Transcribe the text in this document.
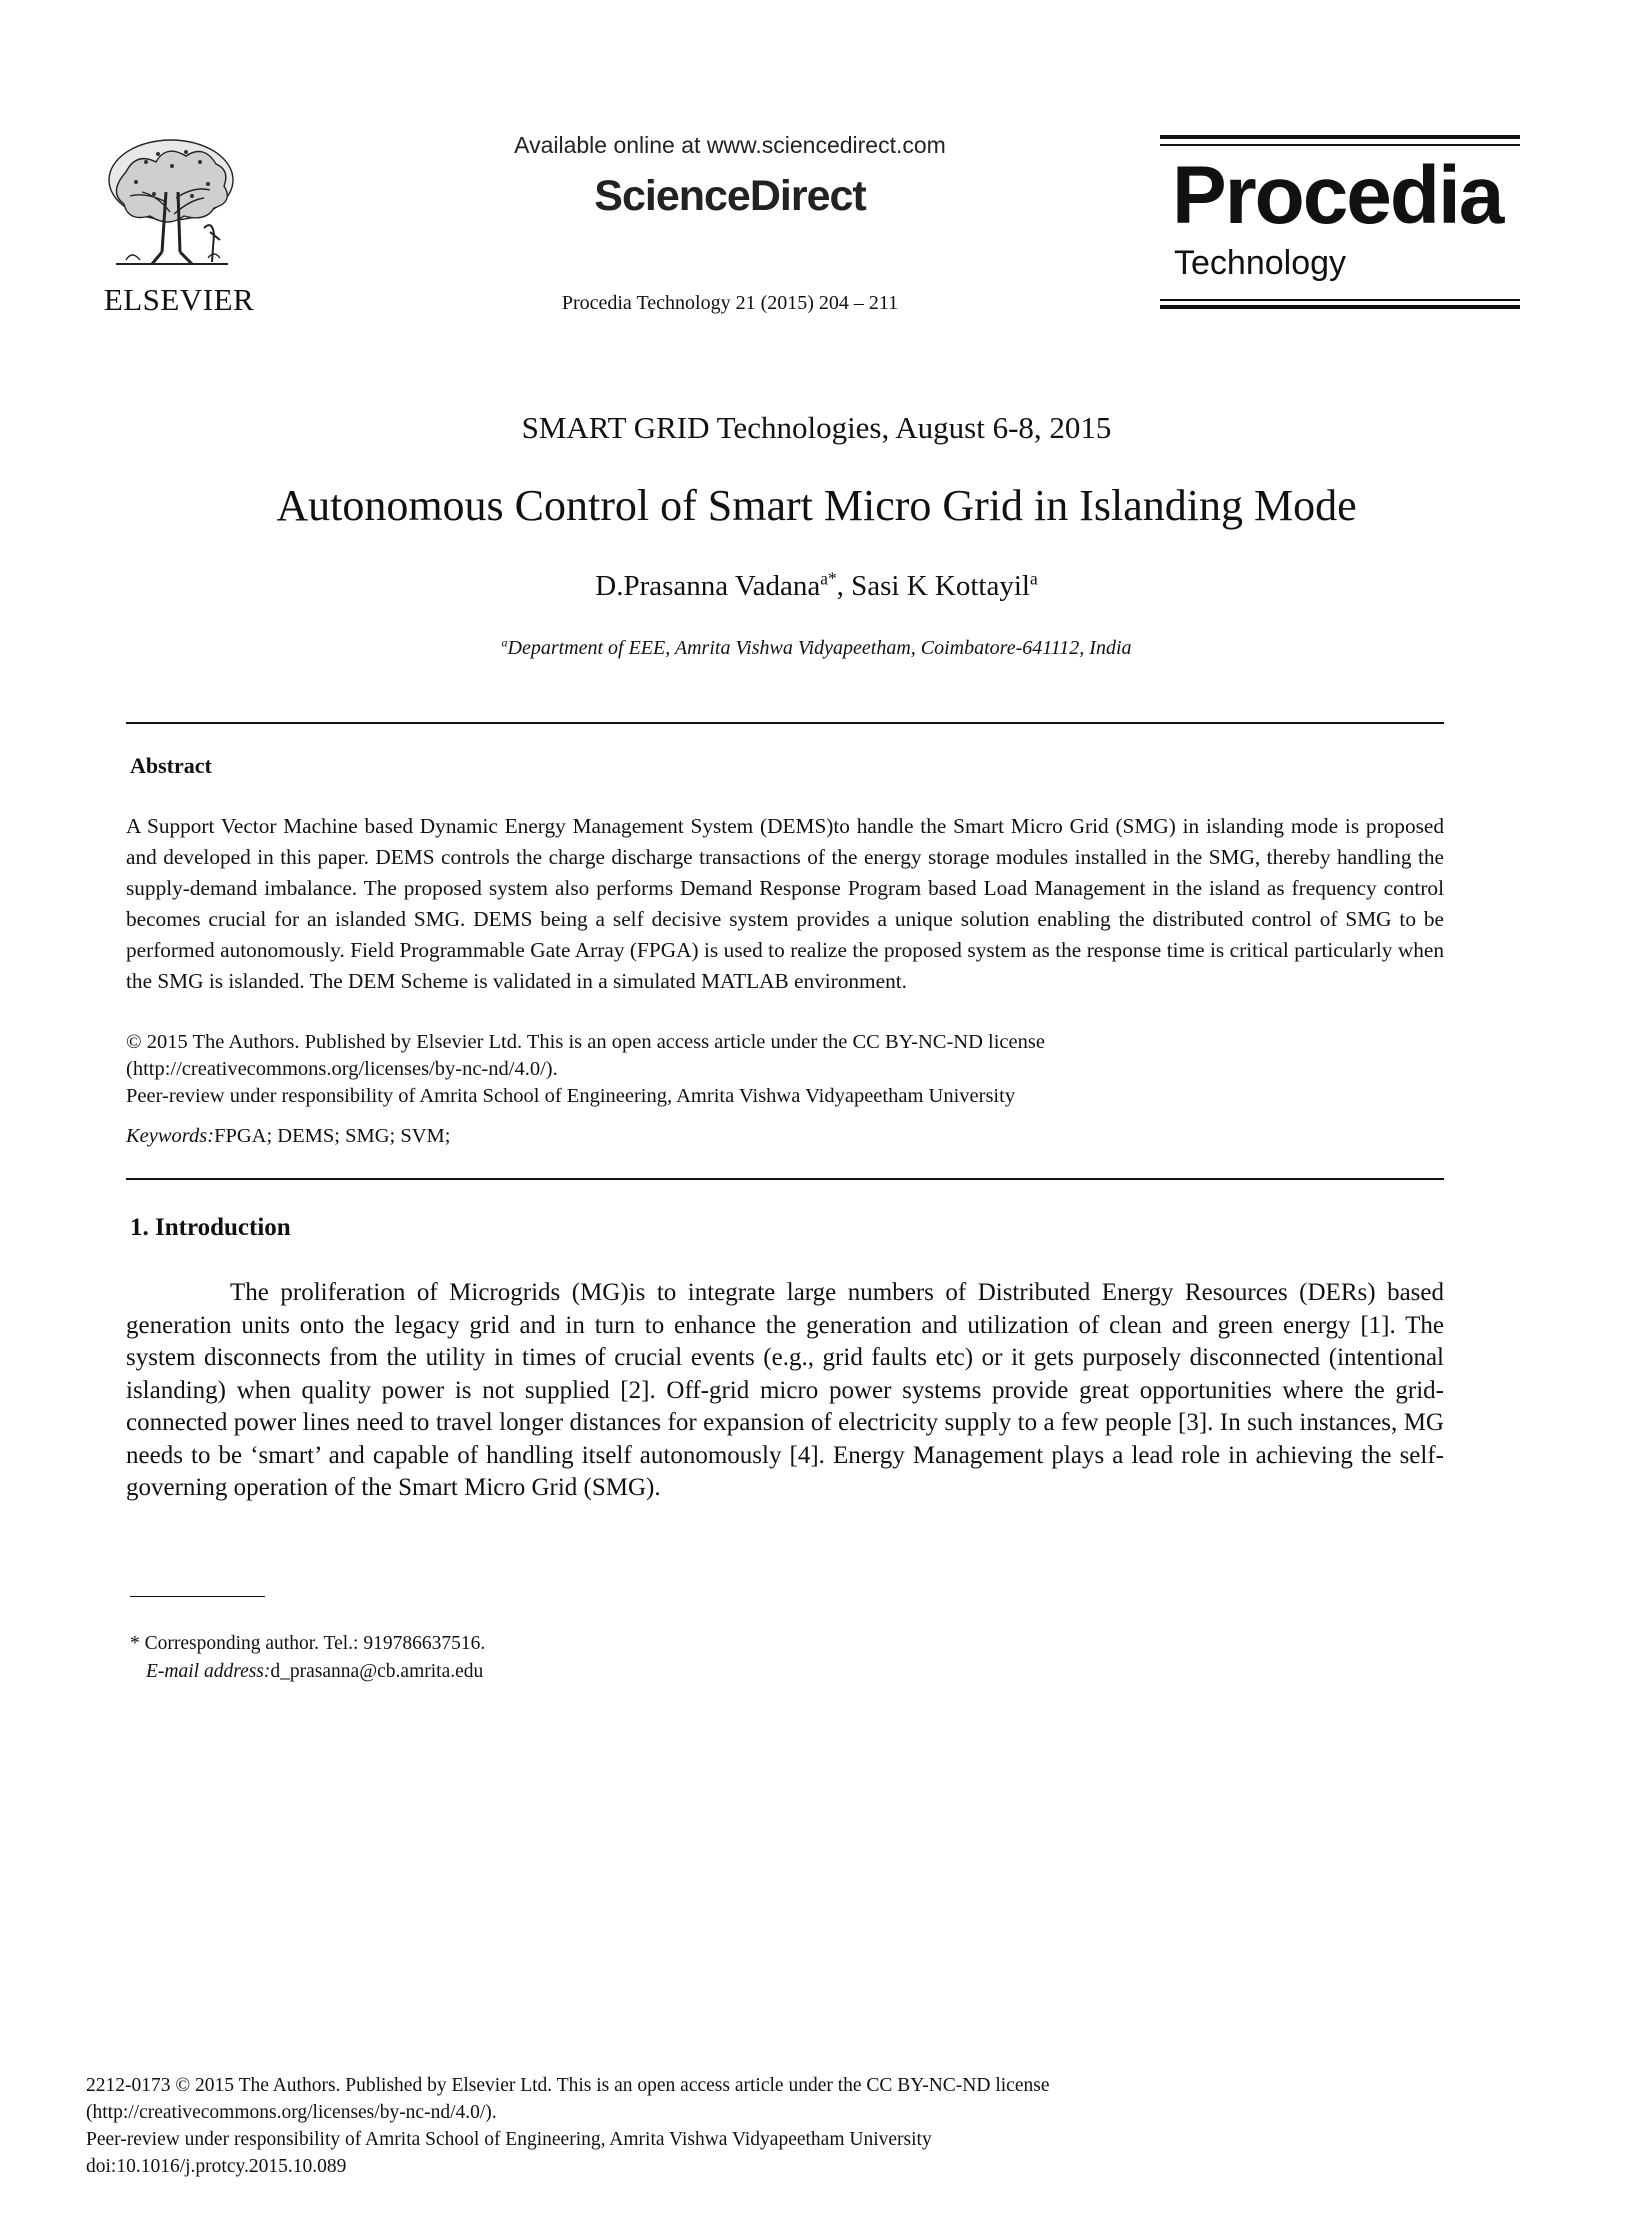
ELSEVIER
Available online at www.sciencedirect.com
ScienceDirect
Procedia Technology 21 (2015) 204 – 211
Procedia
Technology
SMART GRID Technologies, August 6-8, 2015
Autonomous Control of Smart Micro Grid in Islanding Mode
D.Prasanna Vadana$^{a*}$, Sasi K Kottayil$^a$
$^a$Department of EEE, Amrita Vishwa Vidyapeetham, Coimbatore-641112, India
Abstract
A Support Vector Machine based Dynamic Energy Management System (DEMS)to handle the Smart Micro Grid (SMG) in islanding mode is proposed and developed in this paper. DEMS controls the charge discharge transactions of the energy storage modules installed in the SMG, thereby handling the supply-demand imbalance. The proposed system also performs Demand Response Program based Load Management in the island as frequency control becomes crucial for an islanded SMG. DEMS being a self decisive system provides a unique solution enabling the distributed control of SMG to be performed autonomously. Field Programmable Gate Array (FPGA) is used to realize the proposed system as the response time is critical particularly when the SMG is islanded. The DEM Scheme is validated in a simulated MATLAB environment.
© 2015 The Authors. Published by Elsevier Ltd. This is an open access article under the CC BY-NC-ND license
(http://creativecommons.org/licenses/by-nc-nd/4.0/).
Peer-review under responsibility of Amrita School of Engineering, Amrita Vishwa Vidyapeetham University
Keywords:FPGA; DEMS; SMG; SVM;
1. Introduction
The proliferation of Microgrids (MG)is to integrate large numbers of Distributed Energy Resources (DERs) based generation units onto the legacy grid and in turn to enhance the generation and utilization of clean and green energy [1]. The system disconnects from the utility in times of crucial events (e.g., grid faults etc) or it gets purposely disconnected (intentional islanding) when quality power is not supplied [2]. Off-grid micro power systems provide great opportunities where the grid-connected power lines need to travel longer distances for expansion of electricity supply to a few people [3]. In such instances, MG needs to be ‘smart’ and capable of handling itself autonomously [4]. Energy Management plays a lead role in achieving the self-governing operation of the Smart Micro Grid (SMG).
* Corresponding author. Tel.: 919786637516.
E-mail address:d_prasanna@cb.amrita.edu
2212-0173 © 2015 The Authors. Published by Elsevier Ltd. This is an open access article under the CC BY-NC-ND license
(http://creativecommons.org/licenses/by-nc-nd/4.0/).
Peer-review under responsibility of Amrita School of Engineering, Amrita Vishwa Vidyapeetham University
doi:10.1016/j.protcy.2015.10.089
